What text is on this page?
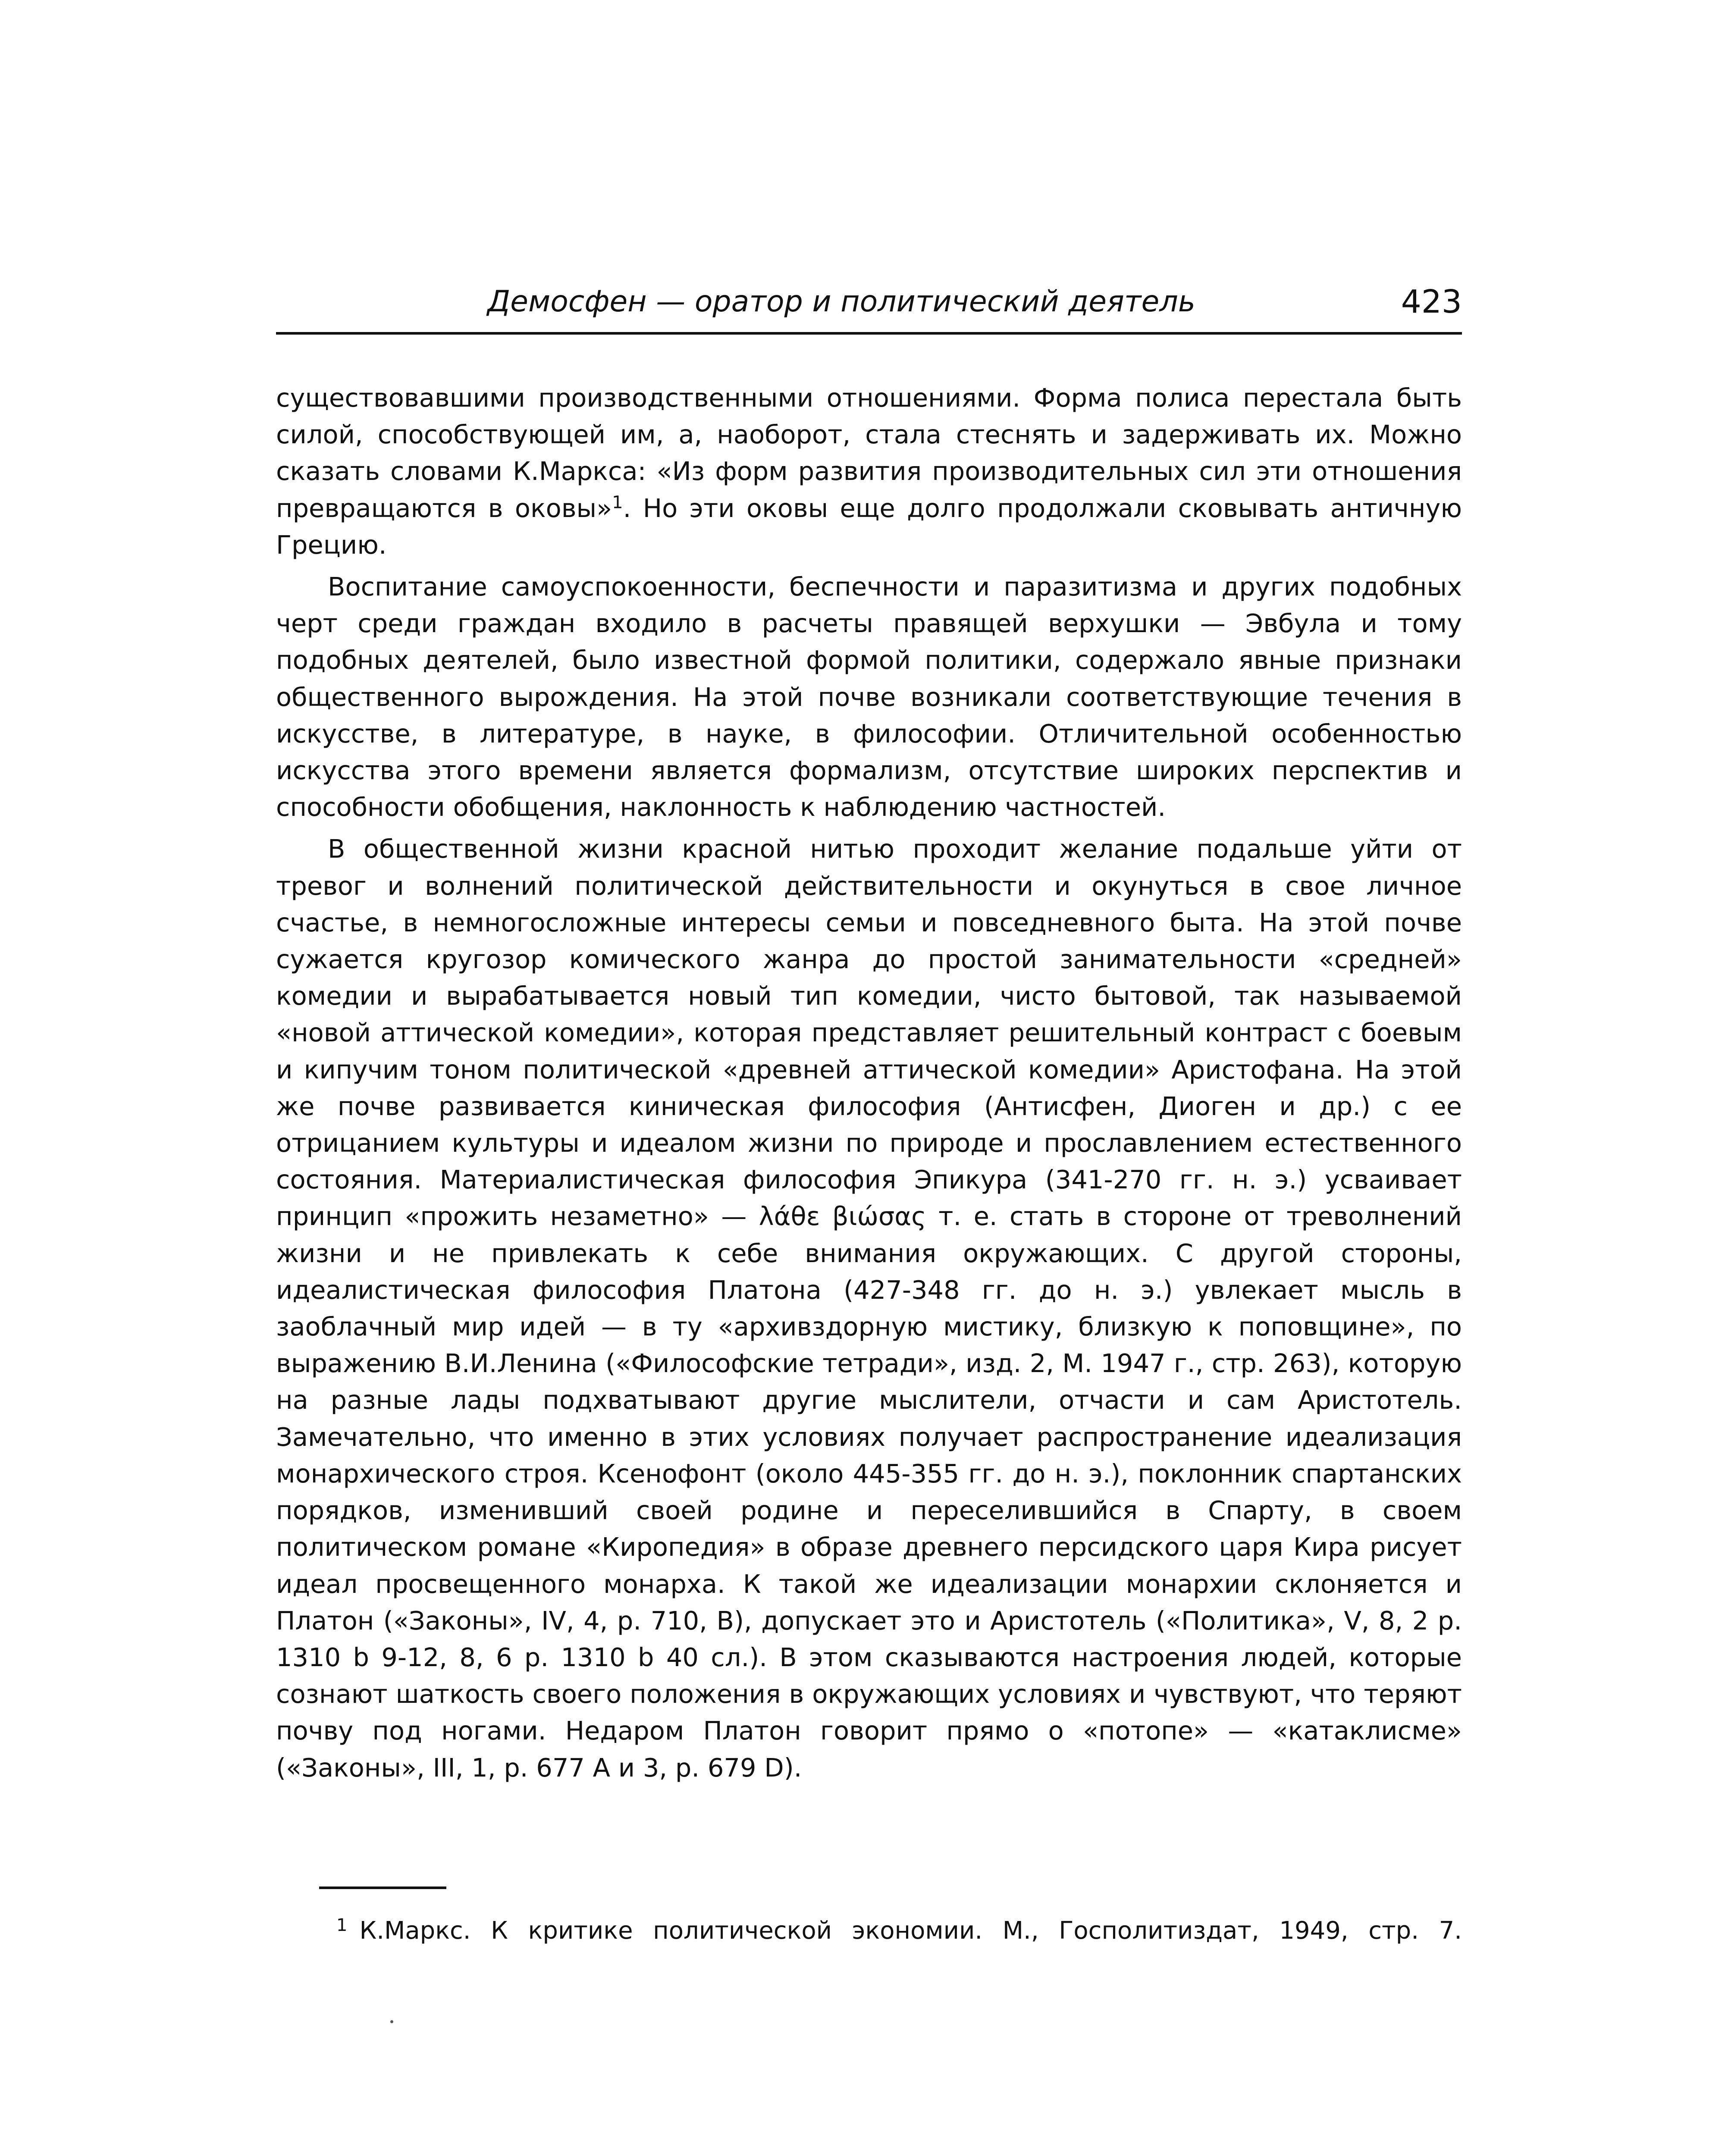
Демосфен — оратор и политический деятель	423

существовавшими производственными отношениями. Форма полиса перестала быть силой, способствующей им, а, наоборот, стала стеснять и задерживать их. Можно сказать словами К.Маркса: «Из форм развития производительных сил эти отношения превращаются в оковы»$^1$. Но эти оковы еще долго продолжали сковывать античную Грецию.

Воспитание самоуспокоенности, беспечности и паразитизма и других подобных черт среди граждан входило в расчеты правящей верхушки — Эвбула и тому подобных деятелей, было известной формой политики, содержало явные признаки общественного вырождения. На этой почве возникали соответствующие течения в искусстве, в литературе, в науке, в философии. Отличительной особенностью искусства этого времени является формализм, отсутствие широких перспектив и способности обобщения, наклонность к наблюдению частностей.

В общественной жизни красной нитью проходит желание подальше уйти от тревог и волнений политической действительности и окунуться в свое личное счастье, в немногосложные интересы семьи и повседневного быта. На этой почве сужается кругозор комического жанра до простой занимательности «средней» комедии и вырабатывается новый тип комедии, чисто бытовой, так называемой «новой аттической комедии», которая представляет решительный контраст с боевым и кипучим тоном политической «древней аттической комедии» Аристофана. На этой же почве развивается киническая философия (Антисфен, Диоген и др.) с ее отрицанием культуры и идеалом жизни по природе и прославлением естественного состояния. Материалистическая философия Эпикура (341-270 гг. н. э.) усваивает принцип «прожить незаметно» — λάθε βιώσας т. е. стать в стороне от треволнений жизни и не привлекать к себе внимания окружающих. С другой стороны, идеалистическая философия Платона (427-348 гг. до н. э.) увлекает мысль в заоблачный мир идей — в ту «архивздорную мистику, близкую к поповщине», по выражению В.И.Ленина («Философские тетради», изд. 2, М. 1947 г., стр. 263), которую на разные лады подхватывают другие мыслители, отчасти и сам Аристотель. Замечательно, что именно в этих условиях получает распространение идеализация монархического строя. Ксенофонт (около 445-355 гг. до н. э.), поклонник спартанских порядков, изменивший своей родине и переселившийся в Спарту, в своем политическом романе «Киропедия» в образе древнего персидского царя Кира рисует идеал просвещенного монарха. К такой же идеализации монархии склоняется и Платон («Законы», IV, 4, p. 710, B), допускает это и Аристотель («Политика», V, 8, 2 p. 1310 b 9-12, 8, 6 p. 1310 b 40 сл.). В этом сказываются настроения людей, которые сознают шаткость своего положения в окружающих условиях и чувствуют, что теряют почву под ногами. Недаром Платон говорит прямо о «потопе» — «катаклисме» («Законы», III, 1, p. 677 A и 3, p. 679 D).

$^1$ К.Маркс. К критике политической экономии. М., Госполитиздат, 1949, стр. 7.
